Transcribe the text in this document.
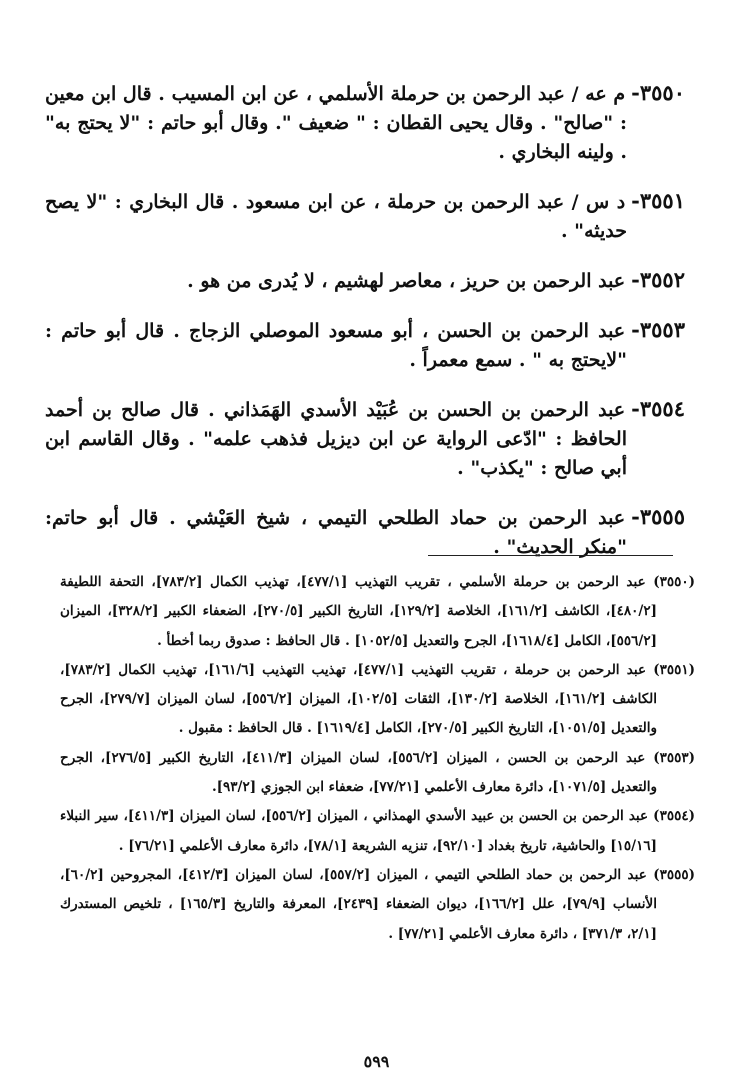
٣٥٥٠-م عه / عبد الرحمن بن حرملة الأسلمي ، عن ابن المسيب . قال ابن معين : "صالح" . وقال يحيى القطان : " ضعيف ". وقال أبو حاتم : "لا يحتج به" . ولينه البخاري .

٣٥٥١-د س / عبد الرحمن بن حرملة ، عن ابن مسعود . قال البخاري : "لا يصح حديثه" .

٣٥٥٢-عبد الرحمن بن حريز ، معاصر لهشيم ، لا يُدرى من هو .

٣٥٥٣-عبد الرحمن بن الحسن ، أبو مسعود الموصلي الزجاج . قال أبو حاتم : "لايحتج به " . سمع معمراً .

٣٥٥٤-عبد الرحمن بن الحسن بن عُبَيْد الأسدي الهَمَذاني . قال صالح بن أحمد الحافظ : "ادّعى الرواية عن ابن ديزيل فذهب علمه" . وقال القاسم ابن أبي صالح : "يكذب" .

٣٥٥٥-عبد الرحمن بن حماد الطلحي التيمي ، شيخ العَيْشي . قال أبو حاتم: "منكر الحديث" .

(٣٥٥٠) عبد الرحمن بن حرملة الأسلمي ، تقريب التهذيب [٤٧٧/١]، تهذيب الكمال [٧٨٣/٢]، التحفة اللطيفة [٤٨٠/٢]، الكاشف [١٦١/٢]، الخلاصة [١٢٩/٢]، التاريخ الكبير [٢٧٠/٥]، الضعفاء الكبير [٣٢٨/٢]، الميزان [٥٥٦/٢]، الكامل [١٦١٨/٤]، الجرح والتعديل [١٠٥٢/٥] . قال الحافظ : صدوق ربما أخطأ .

(٣٥٥١) عبد الرحمن بن حرملة ، تقريب التهذيب [٤٧٧/١]، تهذيب التهذيب [١٦١/٦]، تهذيب الكمال [٧٨٣/٢]، الكاشف [١٦١/٢]، الخلاصة [١٣٠/٢]، الثقات [١٠٢/٥]، الميزان [٥٥٦/٢]، لسان الميزان [٢٧٩/٧]، الجرح والتعديل [١٠٥١/٥]، التاريخ الكبير [٢٧٠/٥]، الكامل [١٦١٩/٤] . قال الحافظ : مقبول .

(٣٥٥٣) عبد الرحمن بن الحسن ، الميزان [٥٥٦/٢]، لسان الميزان [٤١١/٣]، التاريخ الكبير [٢٧٦/٥]، الجرح والتعديل [١٠٧١/٥]، دائرة معارف الأعلمي [٧٧/٢١]، ضعفاء ابن الجوزي [٩٣/٢].

(٣٥٥٤) عبد الرحمن بن الحسن بن عبيد الأسدي الهمذاني ، الميزان [٥٥٦/٢]، لسان الميزان [٤١١/٣]، سير النبلاء [١٥/١٦] والحاشية، تاريخ بغداد [٩٢/١٠]، تنزيه الشريعة [٧٨/١]، دائرة معارف الأعلمي [٧٦/٢١] .

(٣٥٥٥) عبد الرحمن بن حماد الطلحي التيمي ، الميزان [٥٥٧/٢]، لسان الميزان [٤١٢/٣]، المجروحين [٦٠/٢]، الأنساب [٧٩/٩]، علل [١٦٦/٢]، ديوان الضعفاء [٢٤٣٩]، المعرفة والتاريخ [١٦٥/٣] ، تلخيص المستدرك [٢/١، ٣٧١/٣] ، دائرة معارف الأعلمي [٧٧/٢١] .

٥٩٩
